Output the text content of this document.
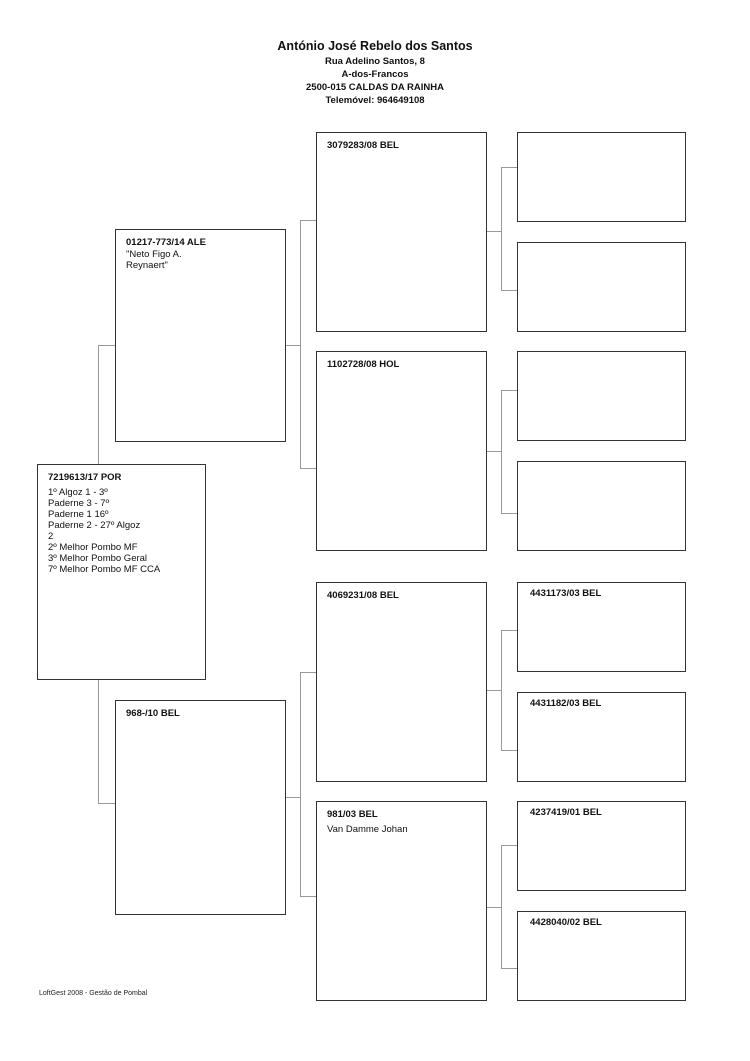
António José Rebelo dos Santos
Rua Adelino Santos, 8
A-dos-Francos
2500-015 CALDAS DA RAINHA
Telemóvel: 964649108
7219613/17 POR
1º Algoz 1 - 3º
Paderne 3 - 7º
Paderne 1 16º
Paderne 2 - 27º Algoz
2
2º Melhor Pombo MF
3º Melhor Pombo Geral
7º Melhor Pombo MF CCA
01217-773/14 ALE
"Neto Figo A.
Reynaert"
968-/10 BEL
3079283/08 BEL
1102728/08 HOL
4069231/08 BEL
981/03 BEL
Van Damme Johan
4431173/03 BEL
4431182/03 BEL
4237419/01 BEL
4428040/02 BEL
LoftGest 2008 - Gestão de Pombal
